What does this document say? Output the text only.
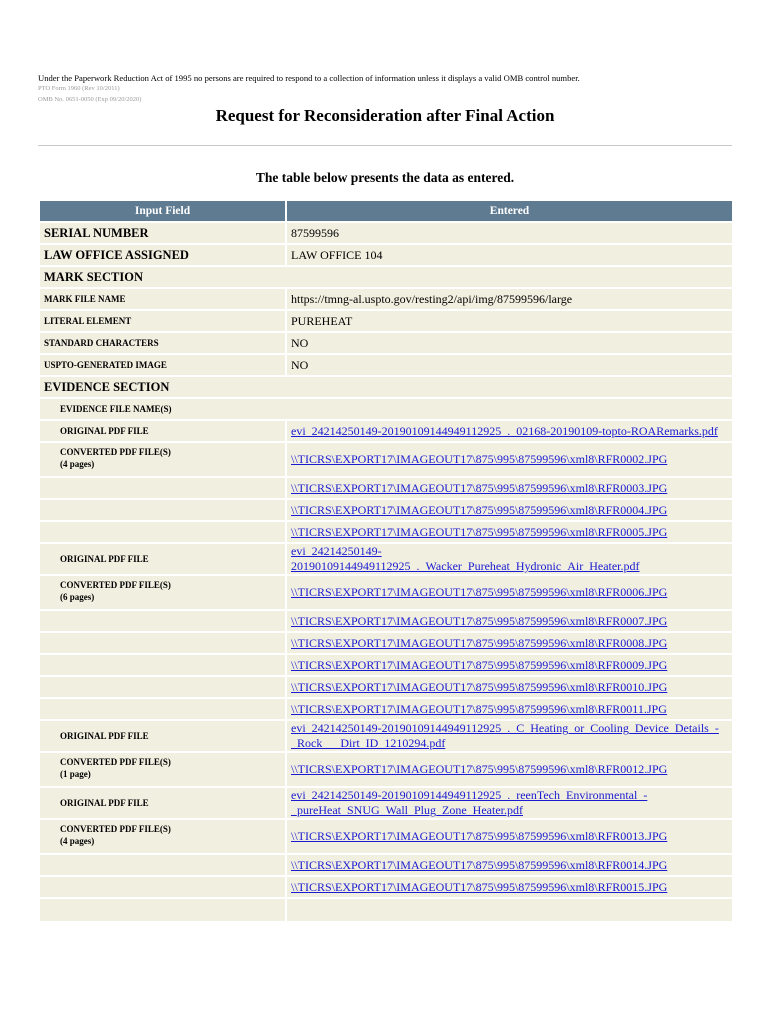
Under the Paperwork Reduction Act of 1995 no persons are required to respond to a collection of information unless it displays a valid OMB control number.
PTO Form 1960 (Rev 10/2011)
OMB No. 0651-0050 (Exp 09/20/2020)
Request for Reconsideration after Final Action
The table below presents the data as entered.
Input Field	Entered
SERIAL NUMBER	87599596
LAW OFFICE ASSIGNED	LAW OFFICE 104
MARK SECTION	
MARK FILE NAME	https://tmng-al.uspto.gov/resting2/api/img/87599596/large
LITERAL ELEMENT	PUREHEAT
STANDARD CHARACTERS	NO
USPTO-GENERATED IMAGE	NO
EVIDENCE SECTION	
EVIDENCE FILE NAME(S)	
ORIGINAL PDF FILE	evi_24214250149-20190109144949112925_._02168-20190109-topto-ROARemarks.pdf

CONVERTED PDF FILE(S)
(4 pages)	\\TICRS\EXPORT17\IMAGEOUT17\875\995\87599596\xml8\RFR0002.JPG
	\\TICRS\EXPORT17\IMAGEOUT17\875\995\87599596\xml8\RFR0003.JPG
	\\TICRS\EXPORT17\IMAGEOUT17\875\995\87599596\xml8\RFR0004.JPG
	\\TICRS\EXPORT17\IMAGEOUT17\875\995\87599596\xml8\RFR0005.JPG
ORIGINAL PDF FILE	evi_24214250149-20190109144949112925_._Wacker_Pureheat_Hydronic_Air_Heater.pdf

CONVERTED PDF FILE(S)
(6 pages)	\\TICRS\EXPORT17\IMAGEOUT17\875\995\87599596\xml8\RFR0006.JPG
	\\TICRS\EXPORT17\IMAGEOUT17\875\995\87599596\xml8\RFR0007.JPG
	\\TICRS\EXPORT17\IMAGEOUT17\875\995\87599596\xml8\RFR0008.JPG
	\\TICRS\EXPORT17\IMAGEOUT17\875\995\87599596\xml8\RFR0009.JPG
	\\TICRS\EXPORT17\IMAGEOUT17\875\995\87599596\xml8\RFR0010.JPG
	\\TICRS\EXPORT17\IMAGEOUT17\875\995\87599596\xml8\RFR0011.JPG
ORIGINAL PDF FILE	evi_24214250149-20190109144949112925_._C_Heating_or_Cooling_Device_Details_-
_Rock___Dirt_ID_1210294.pdf

CONVERTED PDF FILE(S)
(1 page)	\\TICRS\EXPORT17\IMAGEOUT17\875\995\87599596\xml8\RFR0012.JPG
ORIGINAL PDF FILE	evi_24214250149-20190109144949112925_._reenTech_Environmental_-
_pureHeat_SNUG_Wall_Plug_Zone_Heater.pdf

CONVERTED PDF FILE(S)
(4 pages)	\\TICRS\EXPORT17\IMAGEOUT17\875\995\87599596\xml8\RFR0013.JPG
	\\TICRS\EXPORT17\IMAGEOUT17\875\995\87599596\xml8\RFR0014.JPG
	\\TICRS\EXPORT17\IMAGEOUT17\875\995\87599596\xml8\RFR0015.JPG
